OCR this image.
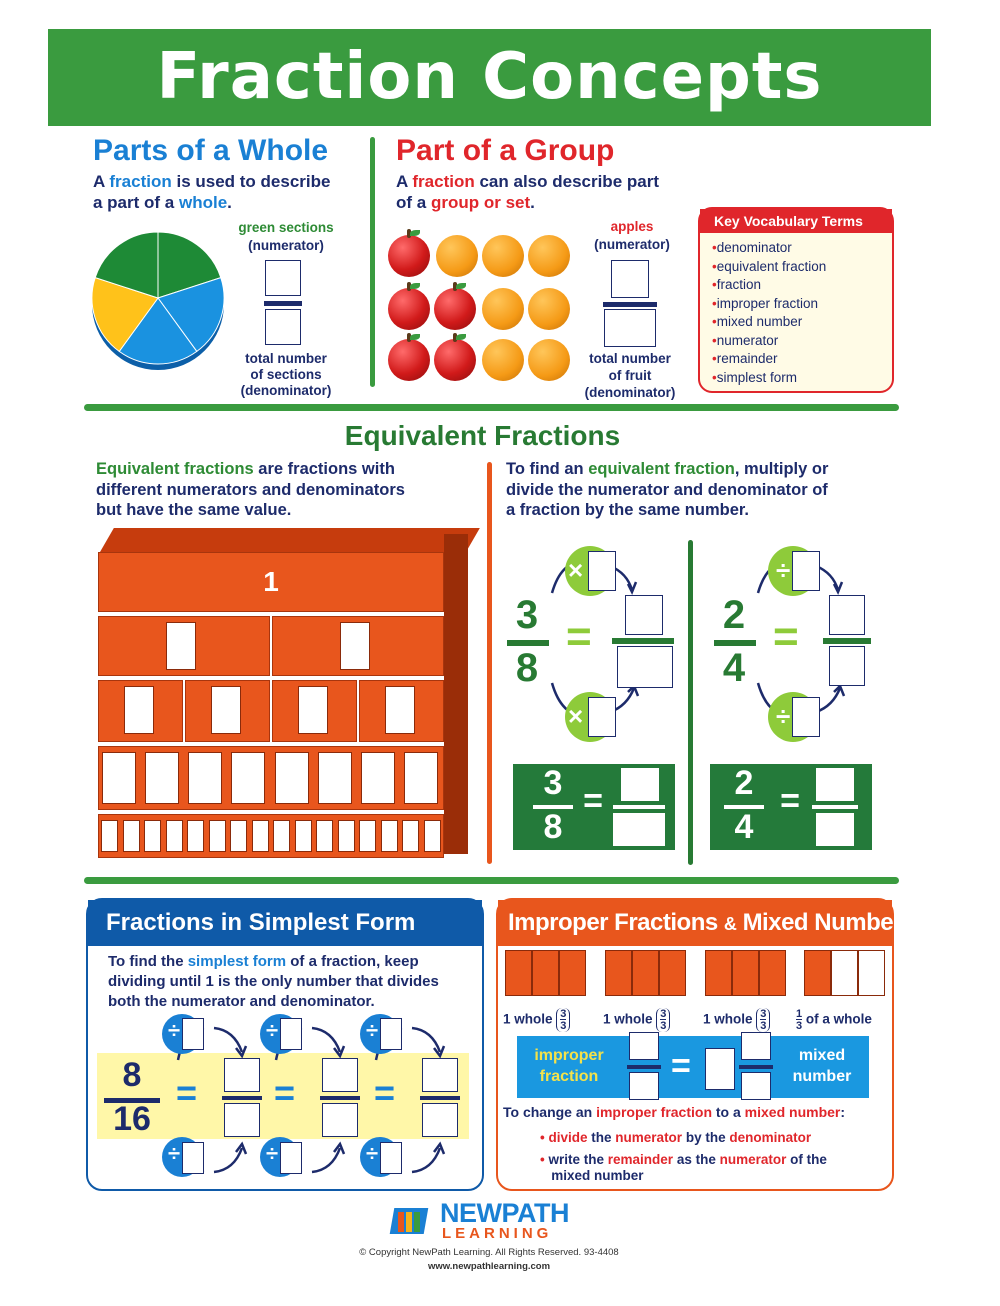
Fraction Concepts
Parts of a Whole
A fraction is used to describe
a part of a whole.
green sections
(numerator)
total number
of sections
(denominator)
Part of a Group
A fraction can also describe part
of a group or set.
apples
(numerator)
total number
of fruit
(denominator)
Key Vocabulary Terms
• denominator
• equivalent fraction
• fraction
• improper fraction
• mixed number
• numerator
• remainder
• simplest form
Equivalent Fractions
Equivalent fractions are fractions with
different numerators and denominators
but have the same value.
To find an equivalent fraction, multiply or
divide the numerator and denominator of
a fraction by the same number.
1	×
×
3
8
=
÷
÷
2
4
=
3
8
=	2
4
=
Fractions in Simplest Form
To find the simplest form of a fraction, keep
dividing until 1 is the only number that divides
both the numerator and denominator.
8
16
÷
÷
=
÷
÷
=
÷
÷
=
Improper Fractions & Mixed Numbers
1 whole $\frac{3}{3} 1$ whole $\frac{3}{3} 1$ whole $\frac{3}{3} \frac{1}{3}$ of a whole
improper
fraction	=	mixed
number
To change an improper fraction to a mixed number:
• divide the numerator by the denominator
• write the remainder as the numerator of the
mixed number
NEWPATH
LEARNING
© Copyright NewPath Learning. All Rights Reserved. 93-4408
www.newpathlearning.com
